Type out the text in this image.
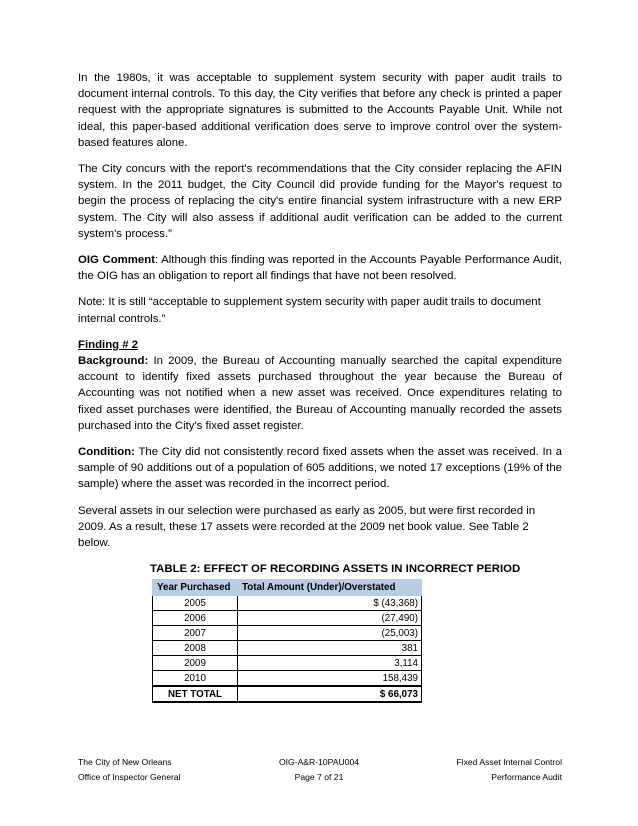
In the 1980s, it was acceptable to supplement system security with paper audit trails to document internal controls. To this day, the City verifies that before any check is printed a paper request with the appropriate signatures is submitted to the Accounts Payable Unit. While not ideal, this paper-based additional verification does serve to improve control over the system-based features alone.

The City concurs with the report's recommendations that the City consider replacing the AFIN system. In the 2011 budget, the City Council did provide funding for the Mayor's request to begin the process of replacing the city's entire financial system infrastructure with a new ERP system. The City will also assess if additional audit verification can be added to the current system's process.”

OIG Comment: Although this finding was reported in the Accounts Payable Performance Audit, the OIG has an obligation to report all findings that have not been resolved.

Note: It is still “acceptable to supplement system security with paper audit trails to document internal controls.”

Finding # 2
Background: In 2009, the Bureau of Accounting manually searched the capital expenditure account to identify fixed assets purchased throughout the year because the Bureau of Accounting was not notified when a new asset was received. Once expenditures relating to fixed asset purchases were identified, the Bureau of Accounting manually recorded the assets purchased into the City's fixed asset register.

Condition: The City did not consistently record fixed assets when the asset was received. In a sample of 90 additions out of a population of 605 additions, we noted 17 exceptions (19% of the sample) where the asset was recorded in the incorrect period.

Several assets in our selection were purchased as early as 2005, but were first recorded in 2009. As a result, these 17 assets were recorded at the 2009 net book value. See Table 2 below.

TABLE 2: EFFECT OF RECORDING ASSETS IN INCORRECT PERIOD
Year Purchased	Total Amount (Under)/Overstated
2005	$ (43,368)
2006	(27,490)
2007	(25,003)
2008	381
2009	3,114
2010	158,439
NET TOTAL	$ 66,073
The City of New Orleans
Office of Inspector General
OIG-A&R-10PAU004
Page 7 of 21
Fixed Asset Internal Control
Performance Audit
